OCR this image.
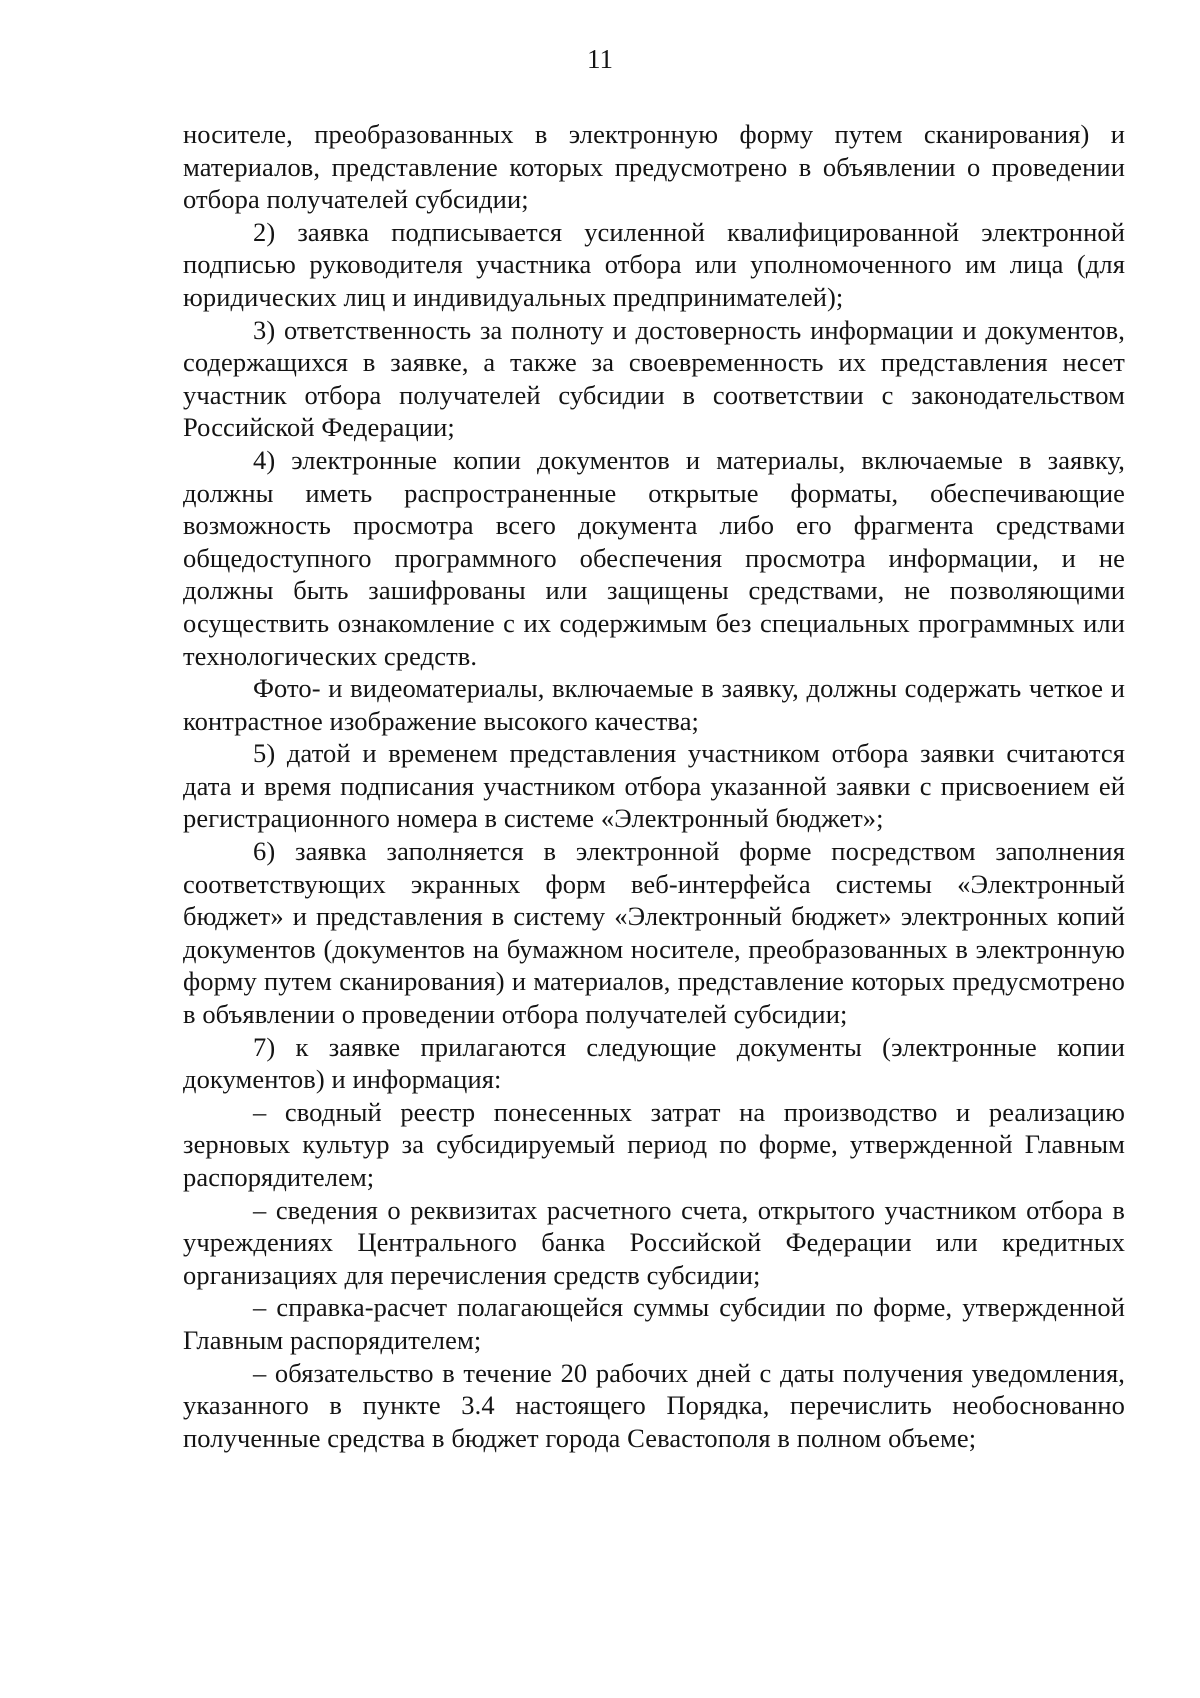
11

носителе, преобразованных в электронную форму путем сканирования) и материалов, представление которых предусмотрено в объявлении о проведении отбора получателей субсидии;

2) заявка подписывается усиленной квалифицированной электронной подписью руководителя участника отбора или уполномоченного им лица (для юридических лиц и индивидуальных предпринимателей);

3) ответственность за полноту и достоверность информации и документов, содержащихся в заявке, а также за своевременность их представления несет участник отбора получателей субсидии в соответствии с законодательством Российской Федерации;

4) электронные копии документов и материалы, включаемые в заявку, должны иметь распространенные открытые форматы, обеспечивающие возможность просмотра всего документа либо его фрагмента средствами общедоступного программного обеспечения просмотра информации, и не должны быть зашифрованы или защищены средствами, не позволяющими осуществить ознакомление с их содержимым без специальных программных или технологических средств.

Фото- и видеоматериалы, включаемые в заявку, должны содержать четкое и контрастное изображение высокого качества;

5) датой и временем представления участником отбора заявки считаются дата и время подписания участником отбора указанной заявки с присвоением ей регистрационного номера в системе «Электронный бюджет»;

6) заявка заполняется в электронной форме посредством заполнения соответствующих экранных форм веб-интерфейса системы «Электронный бюджет» и представления в систему «Электронный бюджет» электронных копий документов (документов на бумажном носителе, преобразованных в электронную форму путем сканирования) и материалов, представление которых предусмотрено в объявлении о проведении отбора получателей субсидии;

7) к заявке прилагаются следующие документы (электронные копии документов) и информация:

– сводный реестр понесенных затрат на производство и реализацию зерновых культур за субсидируемый период по форме, утвержденной Главным распорядителем;

– сведения о реквизитах расчетного счета, открытого участником отбора в учреждениях Центрального банка Российской Федерации или кредитных организациях для перечисления средств субсидии;

– справка-расчет полагающейся суммы субсидии по форме, утвержденной Главным распорядителем;

– обязательство в течение 20 рабочих дней с даты получения уведомления, указанного в пункте 3.4 настоящего Порядка, перечислить необоснованно полученные средства в бюджет города Севастополя в полном объеме;
